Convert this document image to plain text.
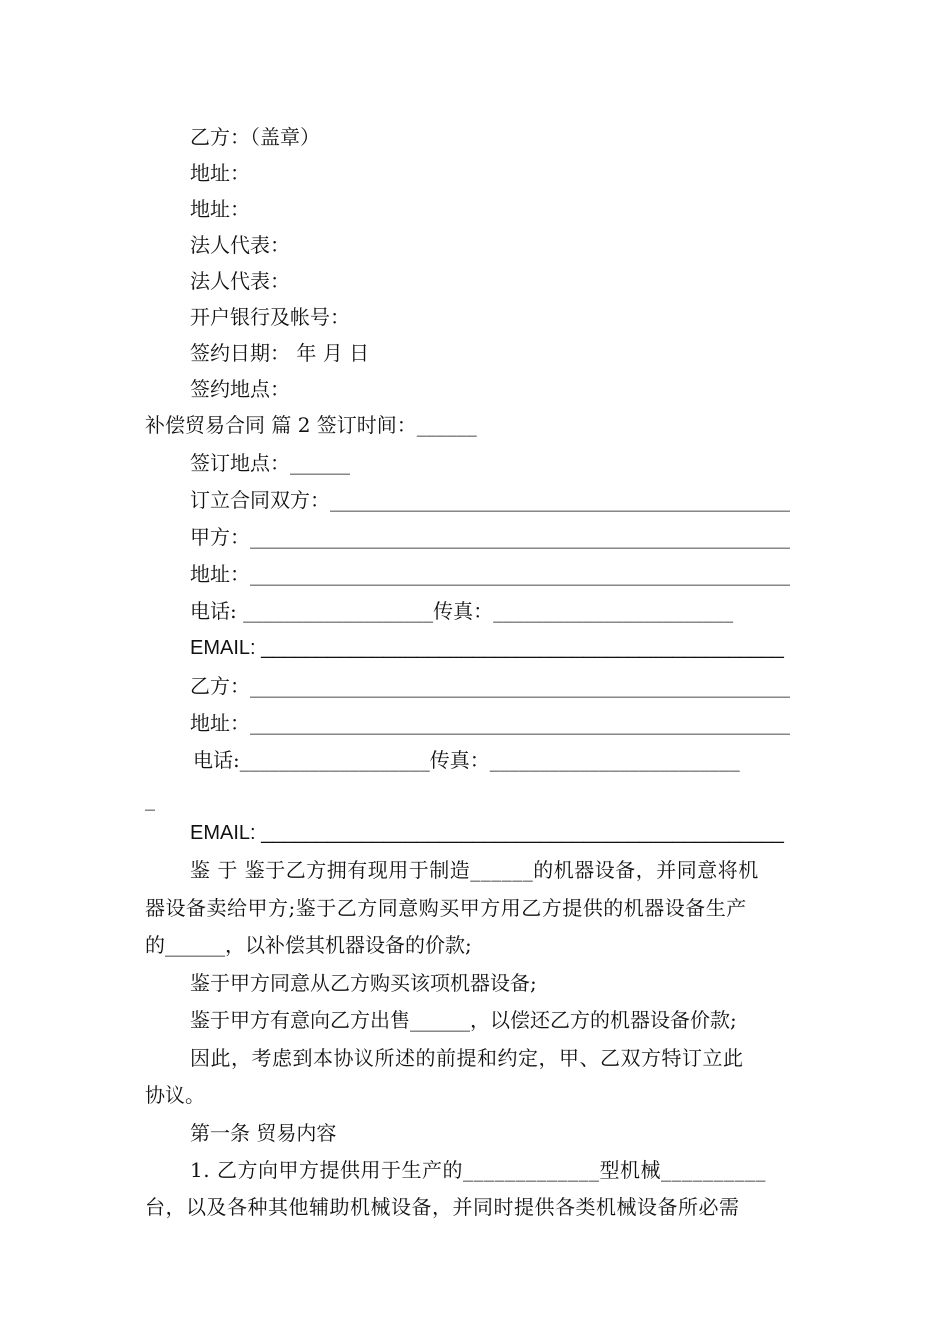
乙方：（盖章）
地址：
地址：
法人代表：
法人代表：
开户银行及帐号：
签约日期： 年 月 日
签约地点：
补偿贸易合同 篇 2 签订时间：______
签订地点：______
订立合同双方：______________________________________________
甲方：______________________________________________________
地址：______________________________________________________
电话: ___________________传真：________________________
EMAIL: _______________________________________________
乙方：______________________________________________________
地址：______________________________________________________
电话:___________________传真：_________________________
_
EMAIL: _______________________________________________
鉴 于 鉴于乙方拥有现用于制造______的机器设备，并同意将机
器设备卖给甲方;鉴于乙方同意购买甲方用乙方提供的机器设备生产
的______，以补偿其机器设备的价款;
鉴于甲方同意从乙方购买该项机器设备;
鉴于甲方有意向乙方出售______，以偿还乙方的机器设备价款;
因此，考虑到本协议所述的前提和约定，甲、乙双方特订立此
协议。
第一条 贸易内容
1. 乙方向甲方提供用于生产的_____________型机械__________
台，以及各种其他辅助机械设备，并同时提供各类机械设备所必需
